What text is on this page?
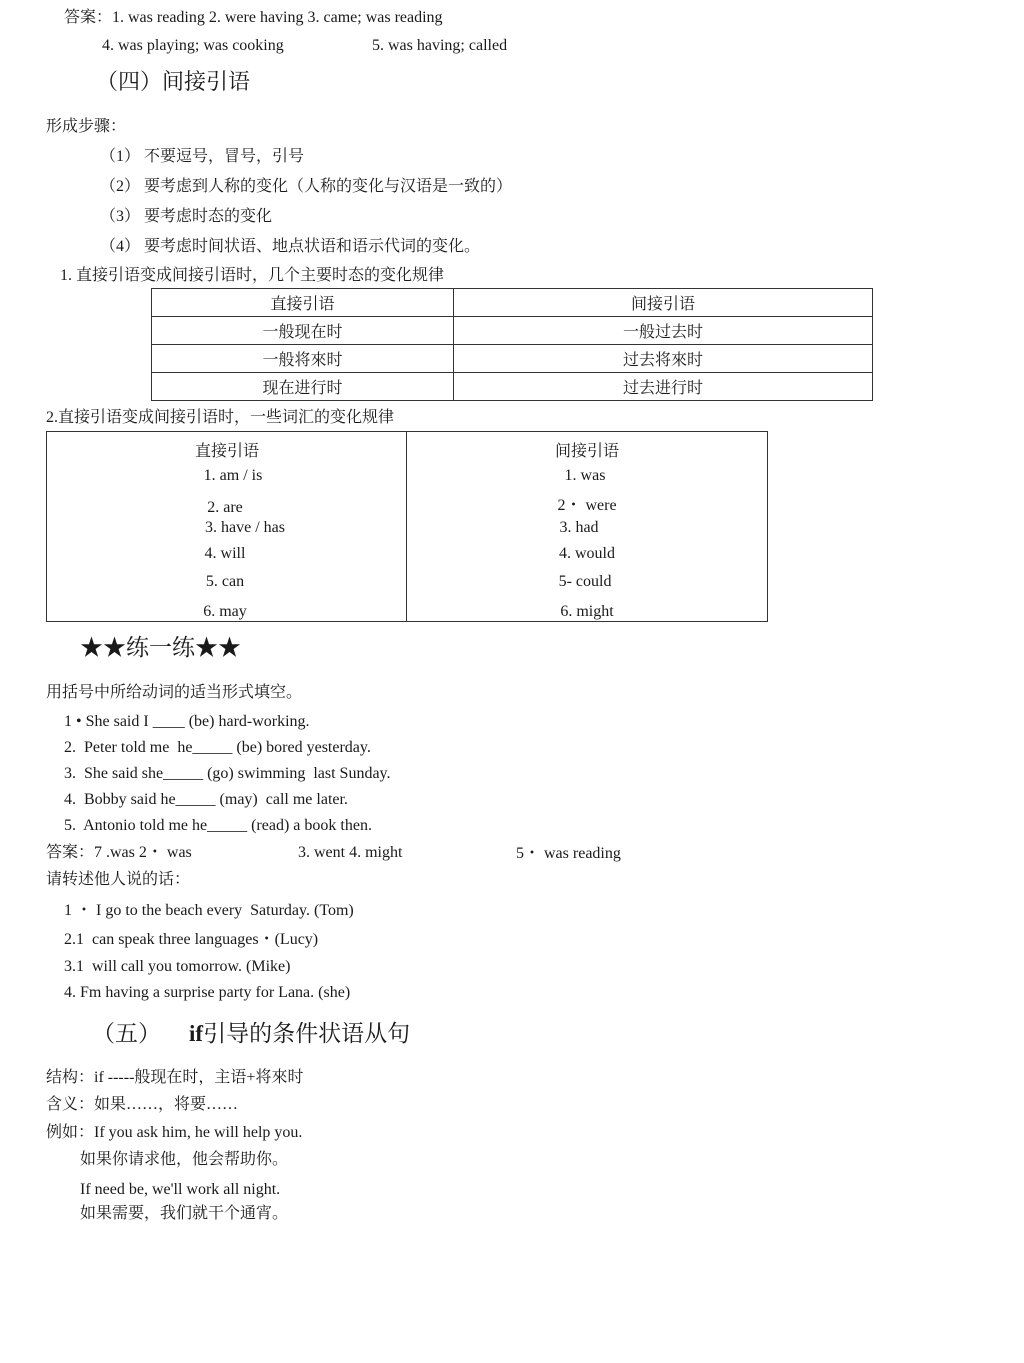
答案：1. was reading 2. were having 3. came; was reading
4. was playing; was cooking	5. was having; called
（四）间接引语
形成步骤：
（1） 不要逗号，冒号，引号
（2） 要考虑到人称的变化（人称的变化与汉语是一致的）
（3） 要考虑时态的变化
（4） 要考虑时间状语、地点状语和语示代词的变化。
1. 直接引语变成间接引语时，几个主要时态的变化规律
直接引语	间接引语
一般现在时	一般过去时
一般将來时	过去将來时
现在进行时	过去进行时
2.直接引语变成间接引语时，一些词汇的变化规律
直接引语	间接引语
1. am / is	1. was
2. are	2・ were
3. have / has	3. had
4. will	4. would
5. can	5- could
6. may	6. might
★★练一练★★
用括号中所给动词的适当形式填空。
1 • She said I ____ (be) hard-working.
2.  Peter told me  he_____ (be) bored yesterday.
3.  She said she_____ (go) swimming  last Sunday.
4.  Bobby said he_____ (may)  call me later.
5.  Antonio told me he_____ (read) a book then.
答案：7 .was 2・ was	3. went 4. might	5・ was reading
请转述他人说的话：
1 ・ I go to the beach every  Saturday. (Tom)
2.1  can speak three languages・(Lucy)
3.1  will call you tomorrow. (Mike)
4. Fm having a surprise party for Lana. (she)
（五） if引导的条件状语从句
结构：if -----般现在时，主语+将來时
含义：如果……，将要……
例如：If you ask him, he will help you.
如果你请求他，他会帮助你。
If need be, we'll work all night.
如果需要，我们就干个通宵。
